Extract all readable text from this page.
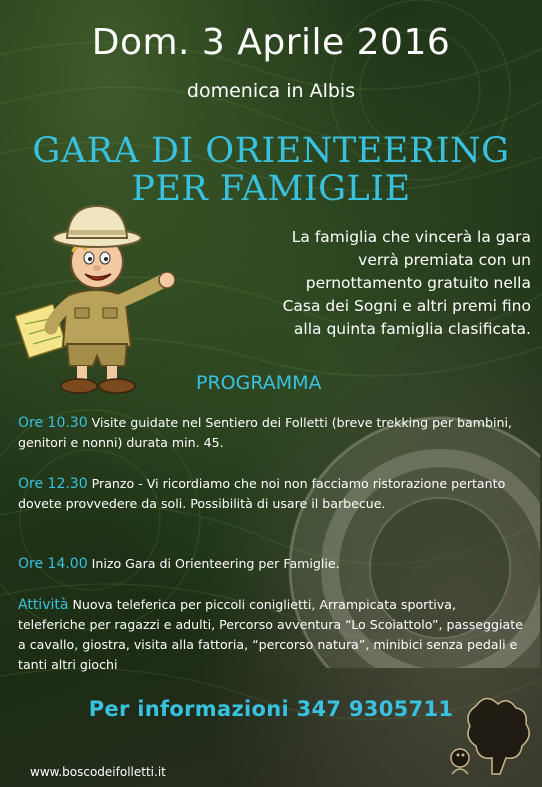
Dom. 3 Aprile 2016
domenica in Albis
GARA DI ORIENTEERING
PER FAMIGLIE
La famiglia che vincerà la gara
verrà premiata con un
pernottamento gratuito nella
Casa dei Sogni e altri premi fino
alla quinta famiglia clasificata.
PROGRAMMA
Ore 10.30 Visite guidate nel Sentiero dei Folletti (breve trekking per bambini, genitori e nonni) durata min. 45.
Ore 12.30 Pranzo - Vi ricordiamo che noi non facciamo ristorazione pertanto dovete provvedere da soli. Possibilità di usare il barbecue.
Ore 14.00 Inizo Gara di Orienteering per Famiglie.
Attività Nuova teleferica per piccoli coniglietti, Arrampicata sportiva, teleferiche per ragazzi e adulti, Percorso avventura “Lo Scoiattolo”, passeggiate a cavallo, giostra, visita alla fattoria, “percorso natura”, minibici senza pedali e tanti altri giochi
Per informazioni 347 9305711
www.boscodeifolletti.it
